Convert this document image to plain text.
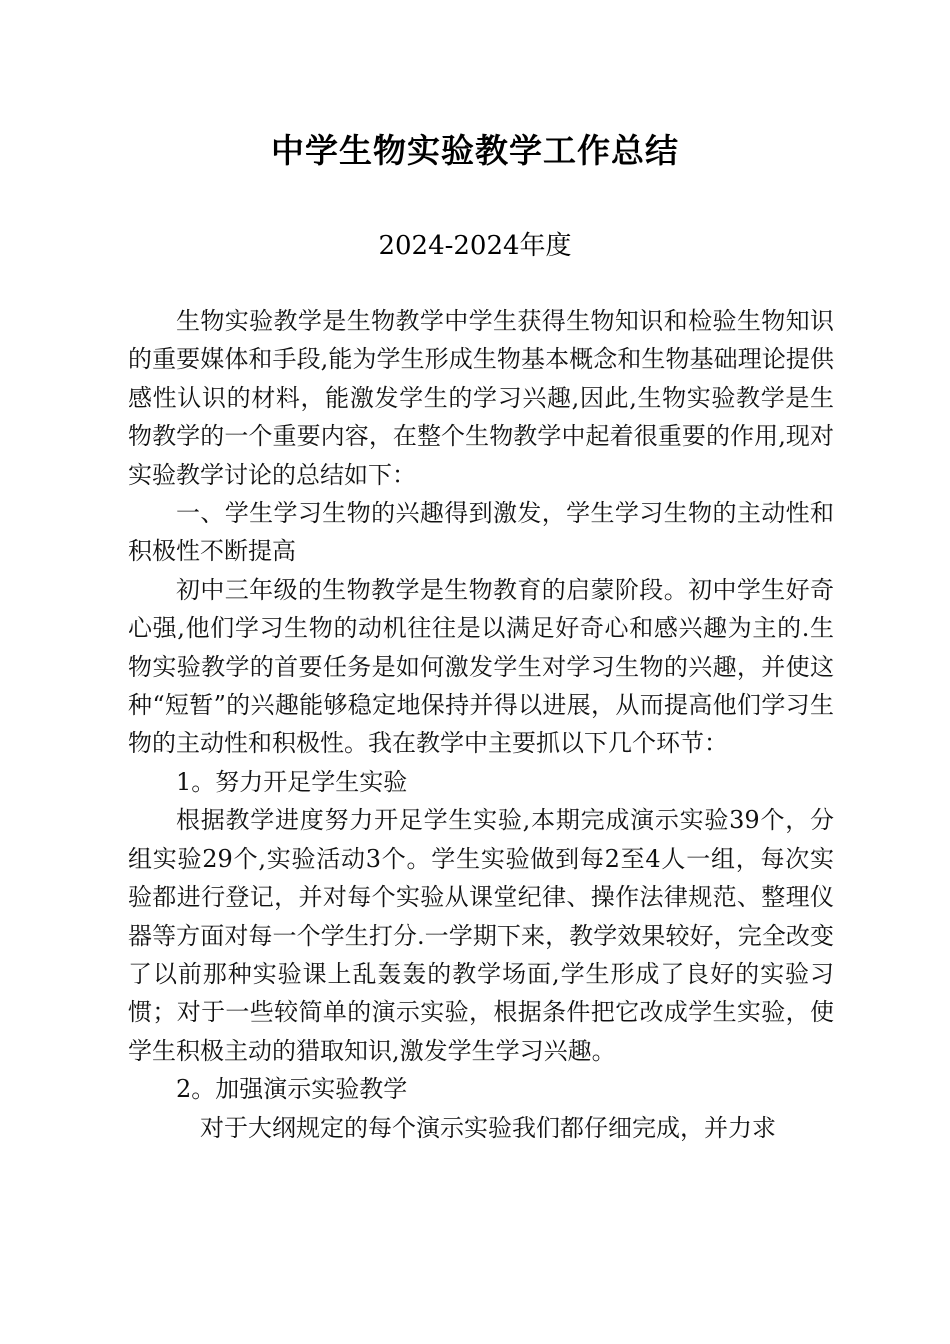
中学生物实验教学工作总结
2024-2024年度

生物实验教学是生物教学中学生获得生物知识和检验生物知识的重要媒体和手段,能为学生形成生物基本概念和生物基础理论提供感性认识的材料，能激发学生的学习兴趣,因此,生物实验教学是生物教学的一个重要内容，在整个生物教学中起着很重要的作用,现对实验教学讨论的总结如下：

一、学生学习生物的兴趣得到激发，学生学习生物的主动性和积极性不断提高

初中三年级的生物教学是生物教育的启蒙阶段。初中学生好奇心强,他们学习生物的动机往往是以满足好奇心和感兴趣为主的.生物实验教学的首要任务是如何激发学生对学习生物的兴趣，并使这种“短暂”的兴趣能够稳定地保持并得以进展，从而提高他们学习生物的主动性和积极性。我在教学中主要抓以下几个环节：

1。努力开足学生实验

根据教学进度努力开足学生实验,本期完成演示实验39个，分组实验29个,实验活动3个。学生实验做到每2至4人一组，每次实验都进行登记，并对每个实验从课堂纪律、操作法律规范、整理仪器等方面对每一个学生打分.一学期下来，教学效果较好，完全改变了以前那种实验课上乱轰轰的教学场面,学生形成了良好的实验习惯；对于一些较简单的演示实验，根据条件把它改成学生实验，使学生积极主动的猎取知识,激发学生学习兴趣。

2。加强演示实验教学

对于大纲规定的每个演示实验我们都仔细完成，并力求
